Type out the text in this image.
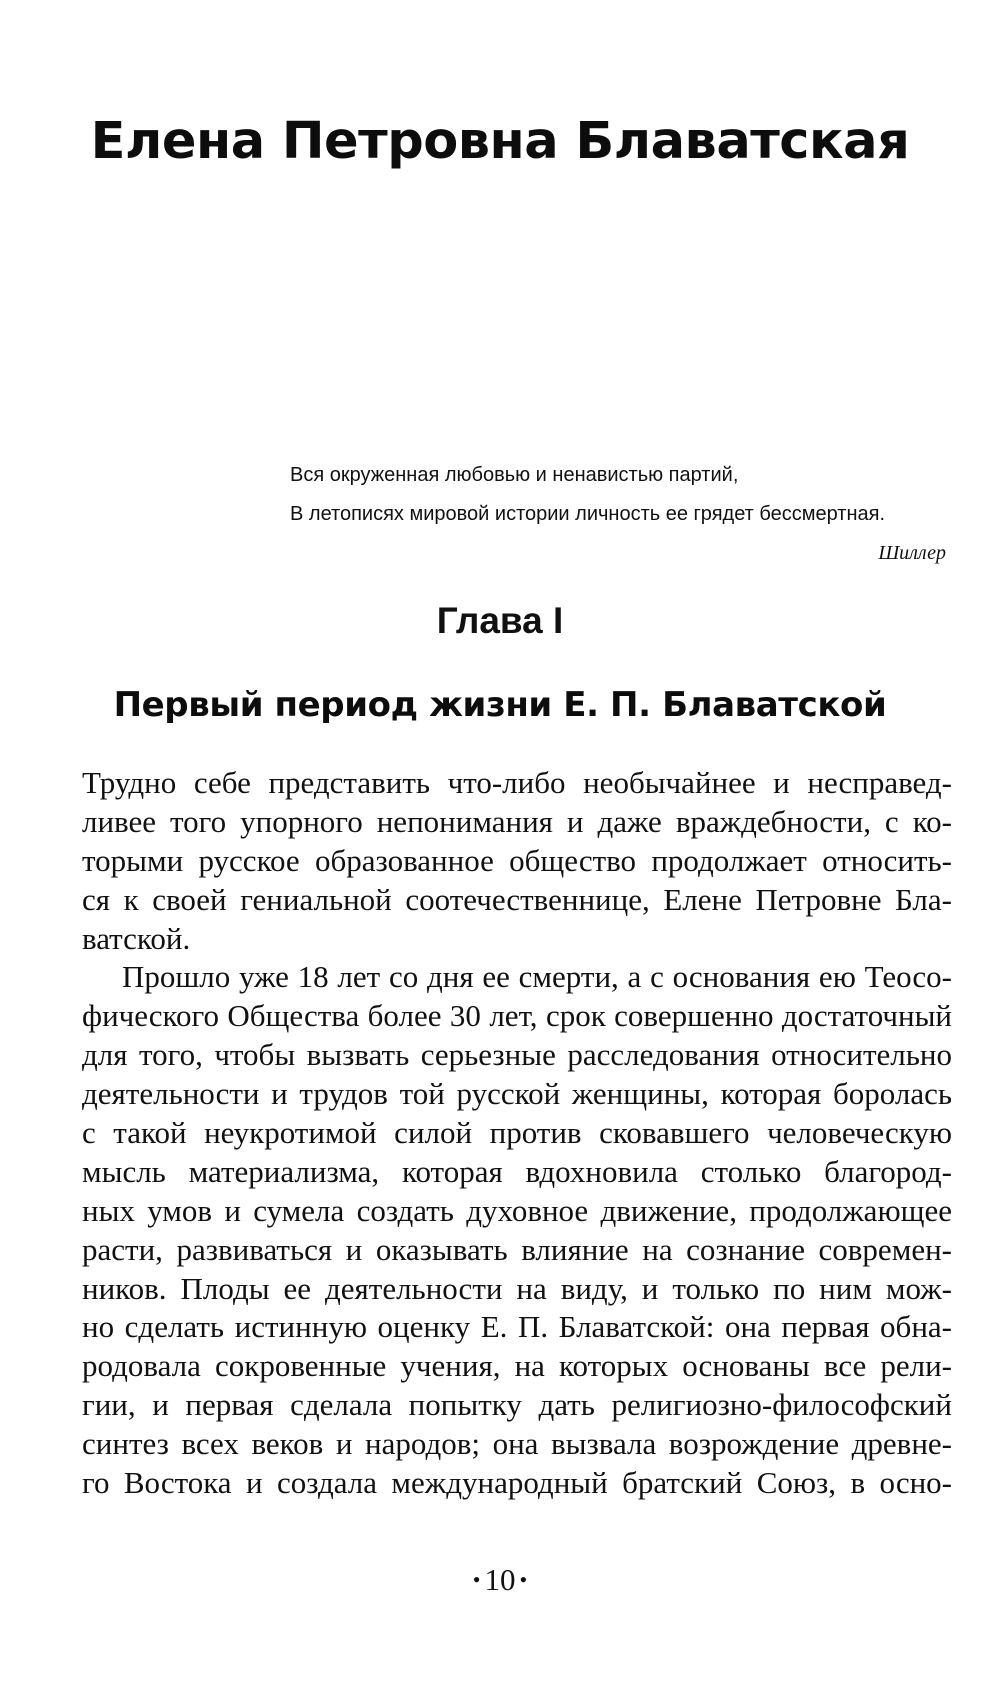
Елена Петровна Блаватская
Вся окруженная любовью и ненавистью партий,
В летописях мировой истории личность ее грядет бессмертная.
Шиллер
Глава I
Первый период жизни Е. П. Блаватской

Трудно себе представить что-либо необычайнее и несправед-
ливее того упорного непонимания и даже враждебности, с ко-
торыми русское образованное общество продолжает относить-
ся к своей гениальной соотечественнице, Елене Петровне Бла-
ватской.

Прошло уже 18 лет со дня ее смерти, а с основания ею Теосо-
фического Общества более 30 лет, срок совершенно достаточный
для того, чтобы вызвать серьезные расследования относительно
деятельности и трудов той русской женщины, которая боролась
с такой неукротимой силой против сковавшего человеческую
мысль материализма, которая вдохновила столько благород-
ных умов и сумела создать духовное движение, продолжающее
расти, развиваться и оказывать влияние на сознание современ-
ников. Плоды ее деятельности на виду, и только по ним мож-
но сделать истинную оценку Е. П. Блаватской: она первая обна-
родовала сокровенные учения, на которых основаны все рели-
гии, и первая сделала попытку дать религиозно-философский
синтез всех веков и народов; она вызвала возрождение древне-
го Востока и создала международный братский Союз, в осно-

• 10 •
